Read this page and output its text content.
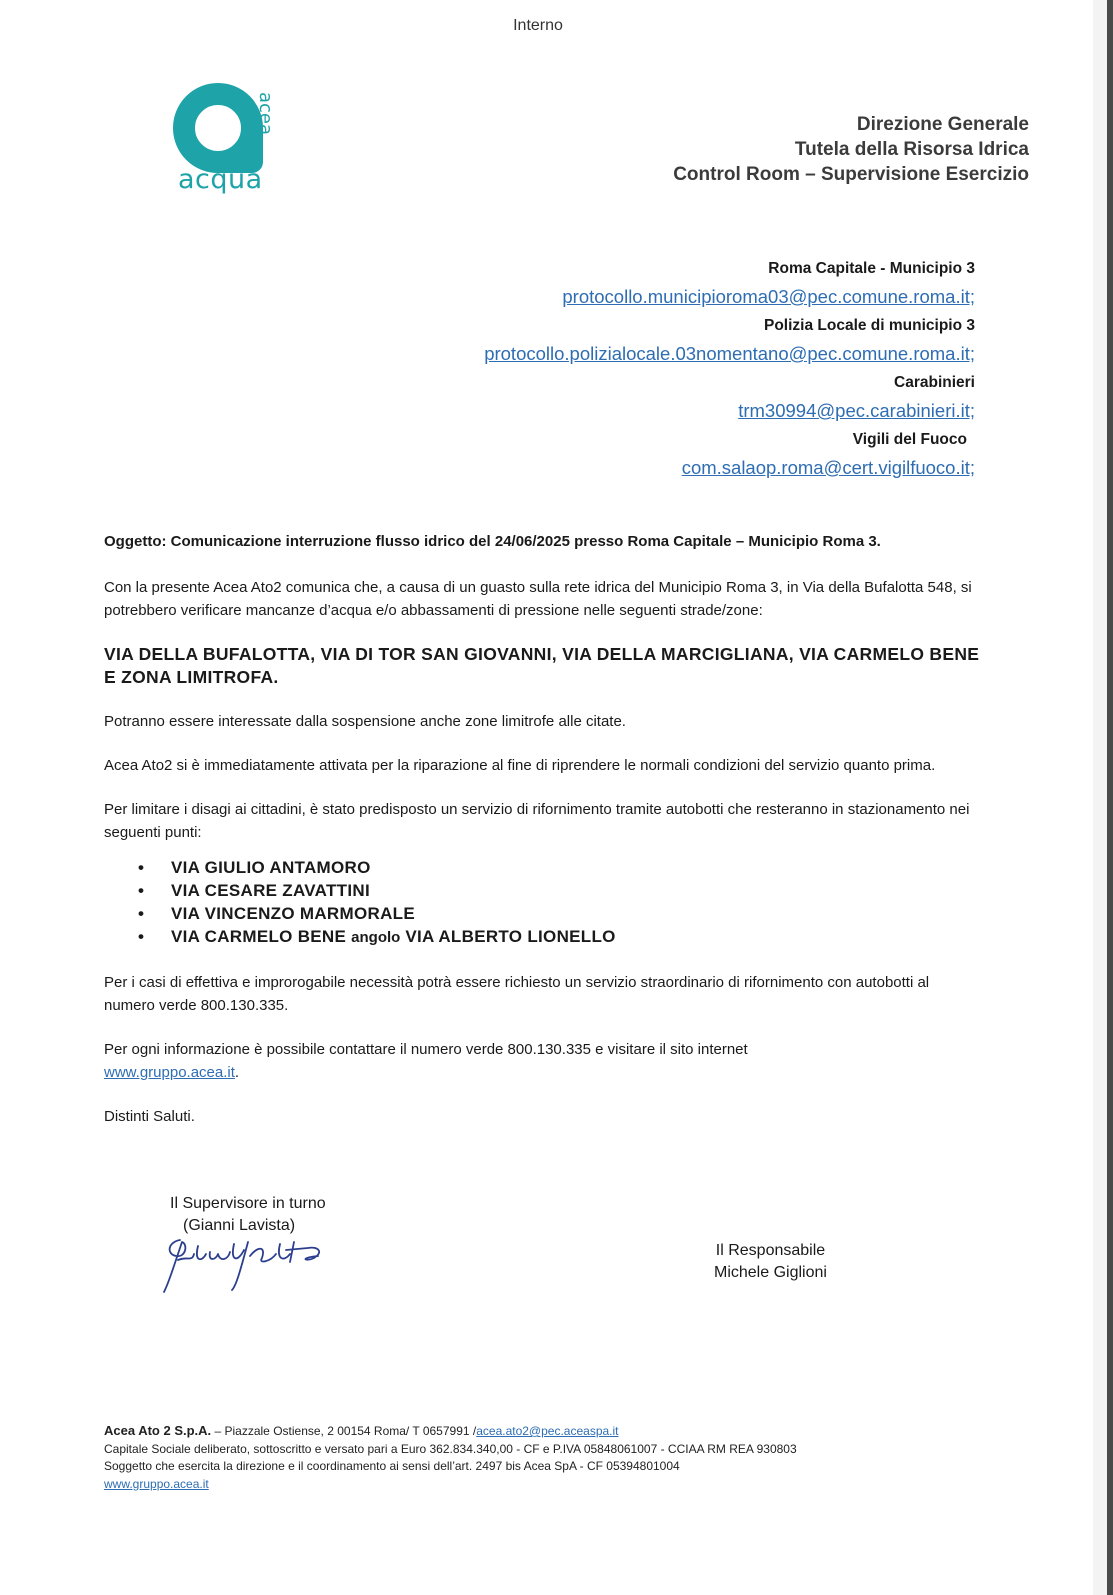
Interno
acea
acqua
Direzione Generale
Tutela della Risorsa Idrica
Control Room – Supervisione Esercizio
Roma Capitale - Municipio 3
protocollo.municipioroma03@pec.comune.roma.it;
Polizia Locale di municipio 3
protocollo.polizialocale.03nomentano@pec.comune.roma.it;
Carabinieri
trm30994@pec.carabinieri.it;
Vigili del Fuoco
com.salaop.roma@cert.vigilfuoco.it;

Oggetto: Comunicazione interruzione flusso idrico del 24/06/2025 presso Roma Capitale – Municipio Roma 3.

Con la presente Acea Ato2 comunica che, a causa di un guasto sulla rete idrica del Municipio Roma 3, in Via della Bufalotta 548, si potrebbero verificare mancanze d’acqua e/o abbassamenti di pressione nelle seguenti strade/zone:

VIA DELLA BUFALOTTA, VIA DI TOR SAN GIOVANNI, VIA DELLA MARCIGLIANA, VIA CARMELO BENE E ZONA LIMITROFA.

Potranno essere interessate dalla sospensione anche zone limitrofe alle citate.

Acea Ato2 si è immediatamente attivata per la riparazione al fine di riprendere le normali condizioni del servizio quanto prima.

Per limitare i disagi ai cittadini, è stato predisposto un servizio di rifornimento tramite autobotti che resteranno in stazionamento nei seguenti punti:

• VIA GIULIO ANTAMORO
• VIA CESARE ZAVATTINI
• VIA VINCENZO MARMORALE
• VIA CARMELO BENE angolo VIA ALBERTO LIONELLO

Per i casi di effettiva e improrogabile necessità potrà essere richiesto un servizio straordinario di rifornimento con autobotti al numero verde 800.130.335.

Per ogni informazione è possibile contattare il numero verde 800.130.335 e visitare il sito internet
www.gruppo.acea.it.

Distinti Saluti.

Il Supervisore in turno
(Gianni Lavista)
Il Responsabile
Michele Giglioni
Acea Ato 2 S.p.A. – Piazzale Ostiense, 2 00154 Roma/ T 0657991 /acea.ato2@pec.aceaspa.it
Capitale Sociale deliberato, sottoscritto e versato pari a Euro 362.834.340,00 - CF e P.IVA 05848061007 - CCIAA RM REA 930803
Soggetto che esercita la direzione e il coordinamento ai sensi dell’art. 2497 bis Acea SpA - CF 05394801004
www.gruppo.acea.it
